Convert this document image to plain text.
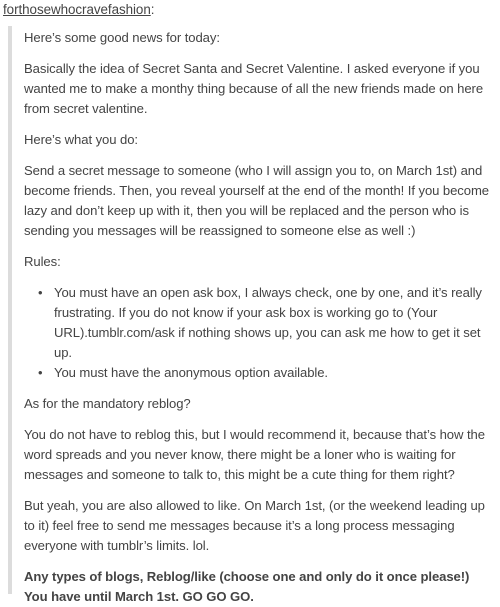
forthosewhocravefashion :

Here’s some good news for today:

Basically the idea of Secret Santa and Secret Valentine. I asked everyone if you wanted me to make a monthy thing because of all the new friends made on here from secret valentine.

Here’s what you do:

Send a secret message to someone (who I will assign you to, on March 1st) and become friends. Then, you reveal yourself at the end of the month! If you become lazy and don’t keep up with it, then you will be replaced and the person who is sending you messages will be reassigned to someone else as well :)

Rules:

• You must have an open ask box, I always check, one by one, and it’s really frustrating. If you do not know if your ask box is working go to (Your URL).tumblr.com/ask if nothing shows up, you can ask me how to get it set up.
• You must have the anonymous option available.

As for the mandatory reblog?

You do not have to reblog this, but I would recommend it, because that’s how the word spreads and you never know, there might be a loner who is waiting for messages and someone to talk to, this might be a cute thing for them right?

But yeah, you are also allowed to like. On March 1st, (or the weekend leading up to it) feel free to send me messages because it’s a long process messaging everyone with tumblr’s limits. lol.

Any types of blogs, Reblog/like (choose one and only do it once please!) You have until March 1st. GO GO GO.
